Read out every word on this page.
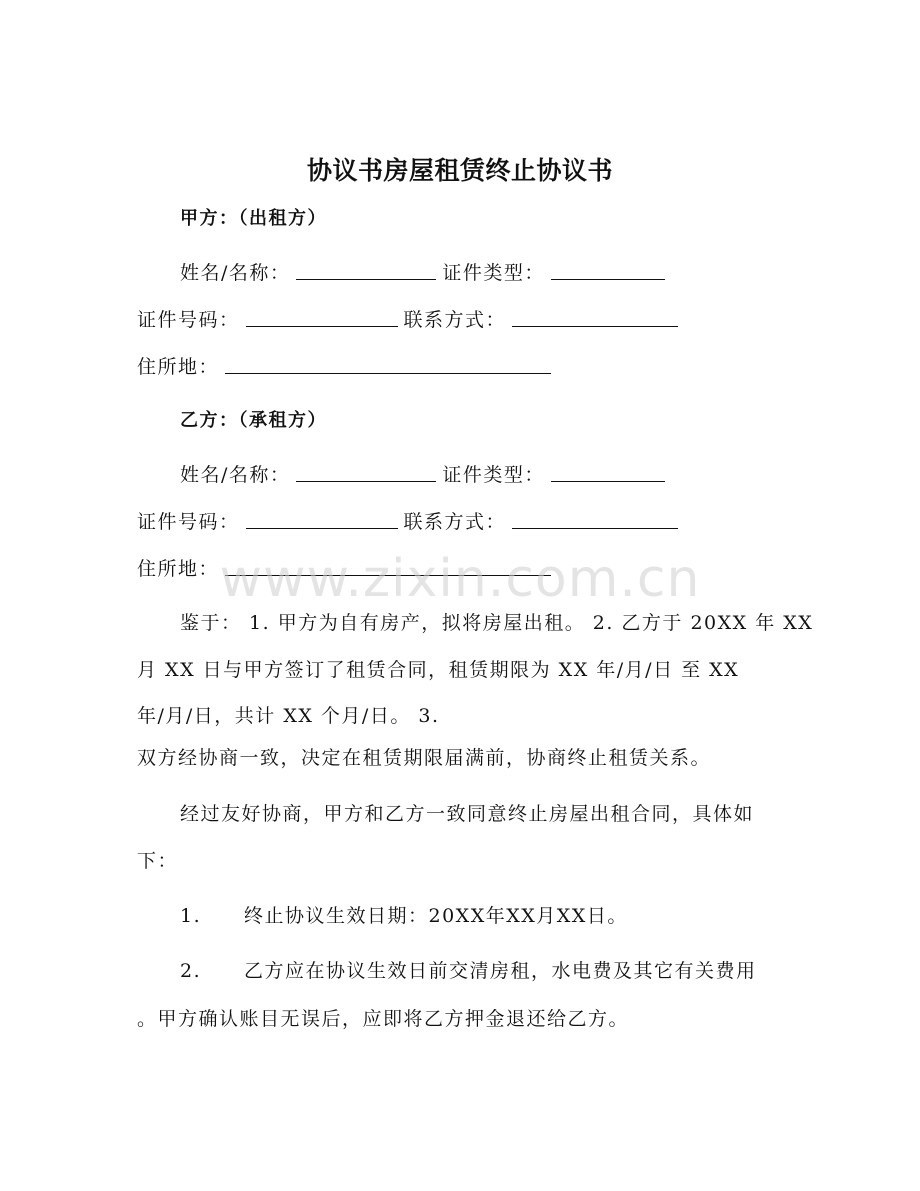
协议书房屋租赁终止协议书
甲方：（出租方）
姓名/名称：	证件类型：
证件号码：	联系方式：
住所地：
乙方：（承租方）
姓名/名称：	证件类型：
证件号码：	联系方式：
住所地：
鉴于： 1. 甲方为自有房产，拟将房屋出租。 2. 乙方于 20XX 年 XX
月 XX 日与甲方签订了租赁合同，租赁期限为 XX 年/月/日 至 XX
年/月/日，共计 XX 个月/日。 3.
双方经协商一致，决定在租赁期限届满前，协商终止租赁关系。
经过友好协商，甲方和乙方一致同意终止房屋出租合同，具体如
下：
1. 终止协议生效日期：20XX年XX月XX日。
2. 乙方应在协议生效日前交清房租，水电费及其它有关费用
。甲方确认账目无误后，应即将乙方押金退还给乙方。
www.zixin.com.cn
